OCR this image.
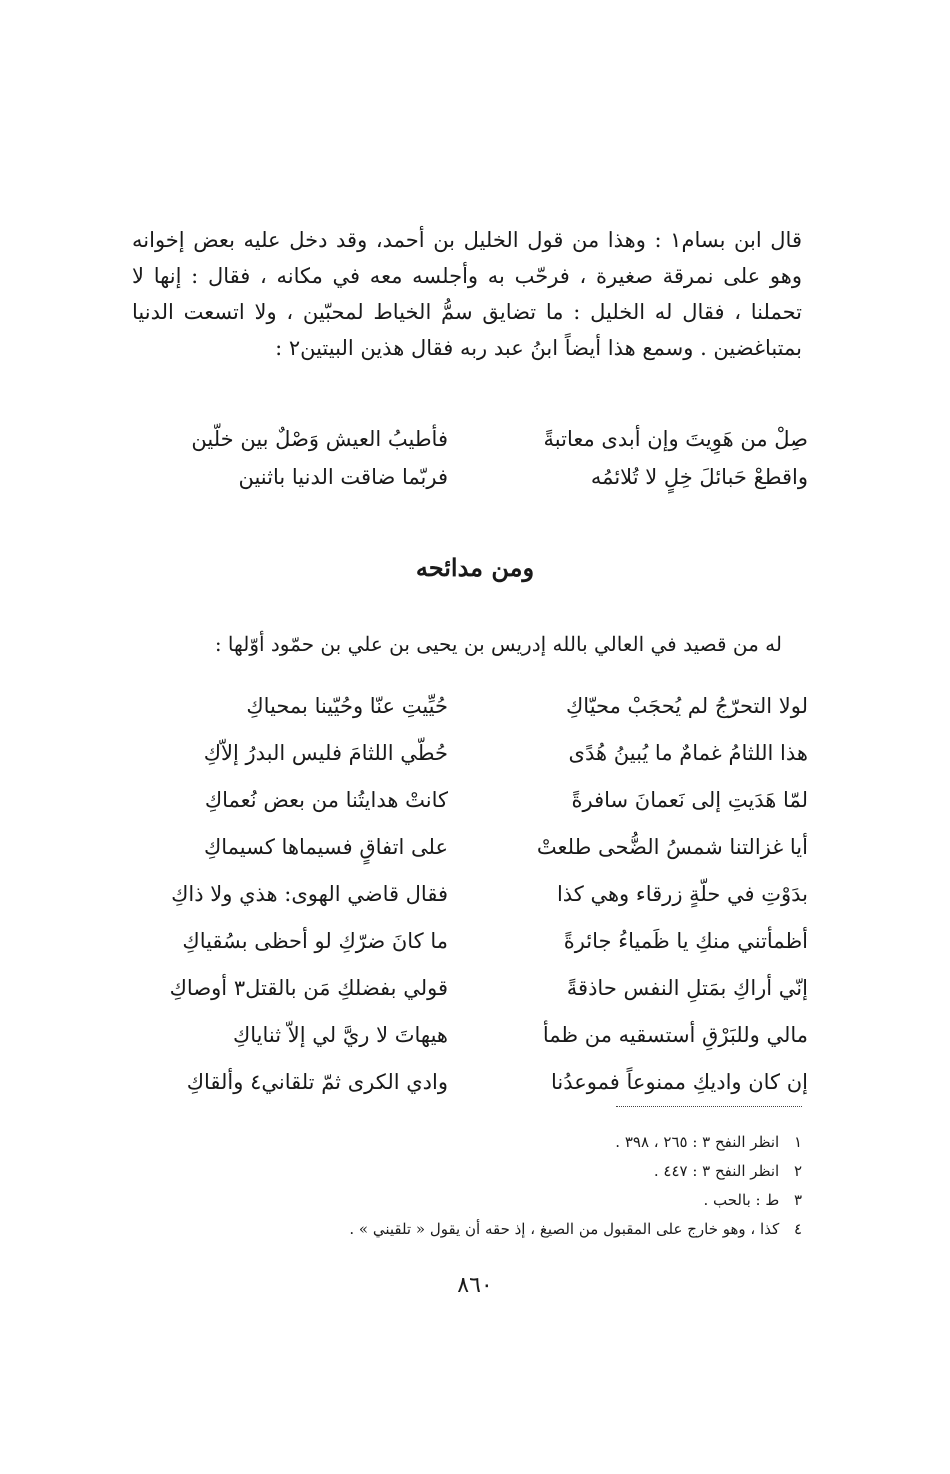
قال ابن بسام١ : وهذا من قول الخليل بن أحمد، وقد دخل عليه بعض إخوانه وهو على نمرقة صغيرة ، فرحّب به وأجلسه معه في مكانه ، فقال : إنها لا تحملنا ، فقال له الخليل : ما تضايق سمُّ الخياط لمحبّين ، ولا اتسعت الدنيا بمتباغضين . وسمع هذا أيضاً ابنُ عبد ربه فقال هذين البيتين٢ :

صِلْ من هَوِيتَ وإن أبدى معاتبةً
فأطيبُ العيش وَصْلٌ بين خلّين
واقطعْ حَبائلَ خِلٍ لا تُلائمُه
فربّما ضاقت الدنيا باثنين
ومن مدائحه
له من قصيد في العالي بالله إدريس بن يحيى بن علي بن حمّود أوّلها :
لولا التحرّجُ لم يُحجَبْ محيّاكِ
حُيِّيتِ عنّا وحُيّينا بمحياكِ
هذا اللثامُ غمامٌ ما يُبينُ هُدًى
حُطّي اللثامَ فليس البدرُ إلاّكِ
لمّا هَدَيتِ إلى نَعمانَ سافرةً
كانتْ هدايتُنا من بعض نُعماكِ
أيا غزالتنا شمسُ الضُّحى طلعتْ
على اتفاقٍ فسيماها كسيماكِ
بدَوْتِ في حلّةٍ زرقاء وهي كذا
فقال قاضي الهوى: هذي ولا ذاكِ
أظمأتني منكِ يا ظَمياءُ جائرةً
ما كانَ ضرّكِ لو أحظى بسُقياكِ
إنّي أراكِ بمَتلِ النفس حاذقةً
قولي بفضلكِ مَن بالقتل٣ أوصاكِ
مالي وللبَرْقِ أستسقيه من ظمأ
هيهاتَ لا ريَّ لي إلاّ ثناياكِ
إن كان واديكِ ممنوعاً فموعدُنا
وادي الكرى ثمّ تلقاني٤ وألقاكِ
١ انظر النفح ٣ : ٢٦٥ ، ٣٩٨ .
٢ انظر النفح ٣ : ٤٤٧ .
٣ ط : بالحب .
٤ كذا ، وهو خارج على المقبول من الصيغ ، إذ حقه أن يقول « تلقيني » .
٨٦٠
